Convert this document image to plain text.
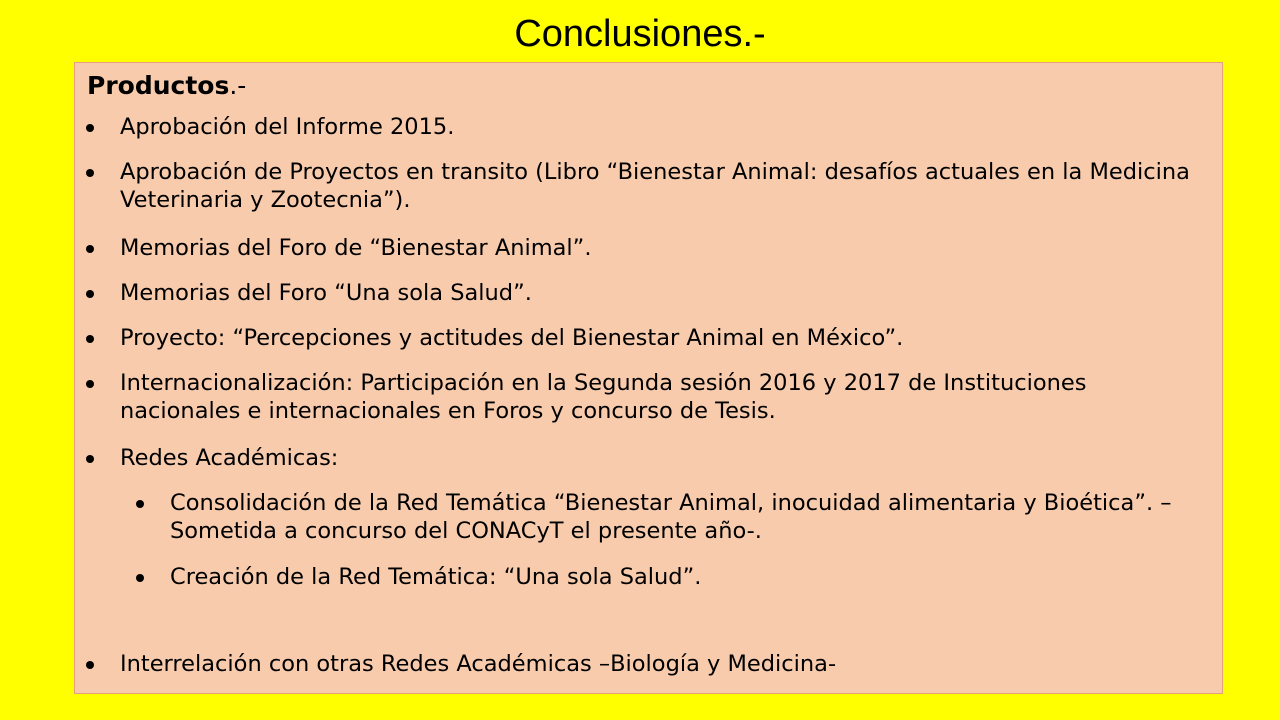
Conclusiones.-
Productos.-
Aprobación del Informe 2015.
Aprobación de Proyectos en transito (Libro “Bienestar Animal: desafíos actuales en la Medicina Veterinaria y Zootecnia”).
Memorias del Foro de “Bienestar Animal”.
Memorias del Foro “Una sola Salud”.
Proyecto: “Percepciones y actitudes del Bienestar Animal en México”.
Internacionalización: Participación en la Segunda sesión 2016 y 2017 de Instituciones nacionales e internacionales en Foros y concurso de Tesis.
Redes Académicas:
Consolidación de la Red Temática “Bienestar Animal, inocuidad alimentaria y Bioética”. –Sometida a concurso del CONACyT el presente año-.
Creación de la Red Temática: “Una sola Salud”.
Interrelación con otras Redes Académicas –Biología y Medicina-
